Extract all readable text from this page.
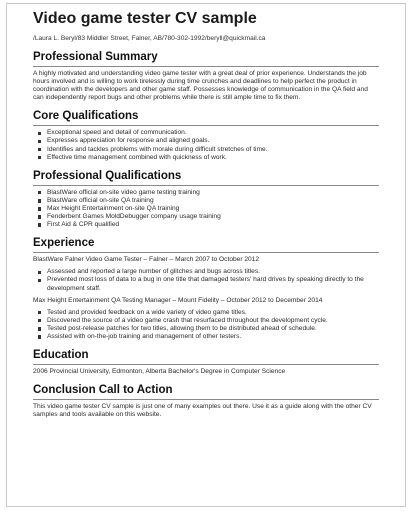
Video game tester CV sample
/Laura L. Beryl/83 Middler Street, Falner, AB/780-302-1992/beryll@quickmail.ca
Professional Summary

A highly motivated and understanding video game tester with a great deal of prior experience. Understands the job hours involved and is willing to work tirelessly during time crunches and deadlines to help perfect the product in coordination with the developers and other game staff. Possesses knowledge of communication in the QA field and can independently report bugs and other problems while there is still ample time to fix them.

Core Qualifications
Exceptional speed and detail of communication.
Expresses appreciation for response and aligned goals.
Identifies and tackles problems with morale during difficult stretches of time.
Effective time management combined with quickness of work.
Professional Qualifications
BlastWare official on-site video game testing training
BlastWare official on-site QA training
Max Height Entertainment on-site QA training
Fenderbent Games MoldDebugger company usage training
First Aid & CPR qualified
Experience

BlastWare Falner Video Game Tester – Falner – March 2007 to October 2012

Assessed and reported a large number of glitches and bugs across titles.
Prevented most loss of data to a bug in one title that damaged testers' hard drives by speaking directly to the development staff.

Max Height Entertainment QA Testing Manager – Mount Fidelity – October 2012 to December 2014

Tested and provided feedback on a wide variety of video game titles.
Discovered the source of a video game crash that resurfaced throughout the development cycle.
Tested post-release patches for two titles, allowing them to be distributed ahead of schedule.
Assisted with on-the-job training and management of other testers.
Education

2006 Provincial University, Edmonton, Alberta Bachelor's Degree in Computer Science

Conclusion Call to Action

This video game tester CV sample is just one of many examples out there. Use it as a guide along with the other CV samples and tools available on this website.
